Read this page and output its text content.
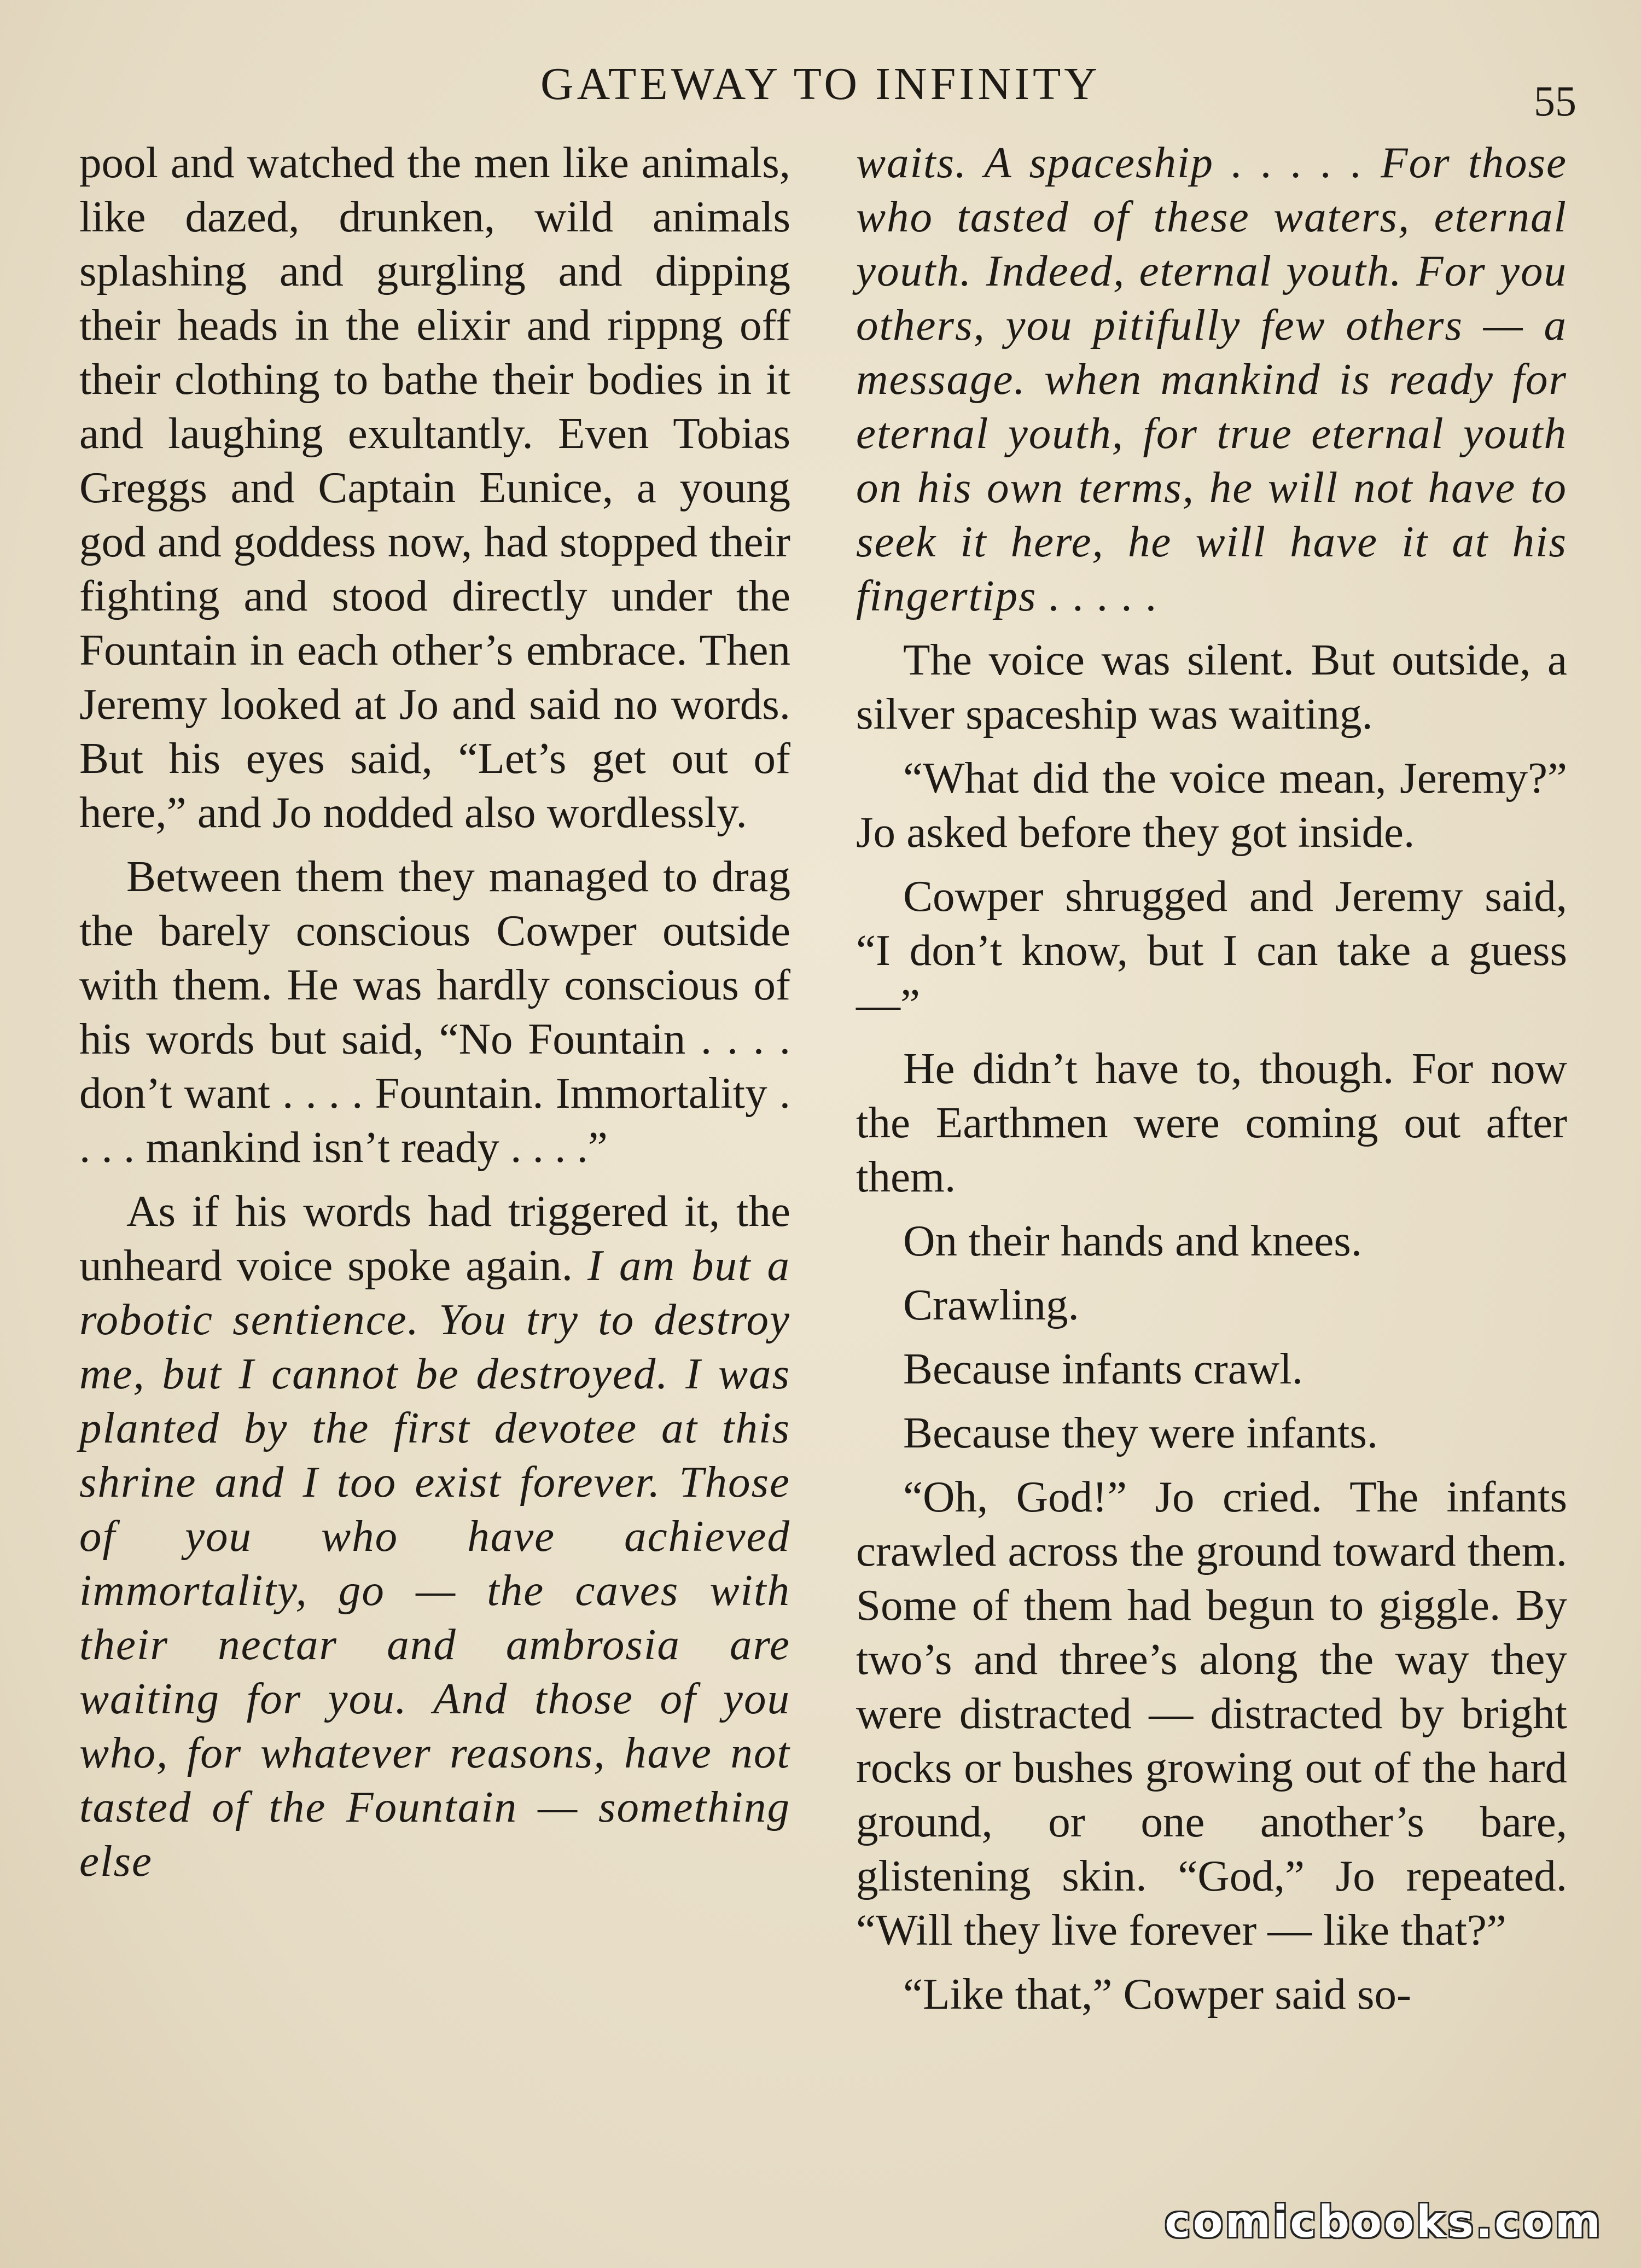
GATEWAY TO INFINITY	55

pool and watched the men like animals, like dazed, drunken, wild animals splashing and gurgling and dipping their heads in the elixir and rippng off their clothing to bathe their bodies in it and laughing exultantly. Even Tobias Greggs and Captain Eunice, a young god and goddess now, had stopped their fighting and stood directly under the Fountain in each other’s embrace. Then Jeremy looked at Jo and said no words. But his eyes said, “Let’s get out of here,” and Jo nodded also wordlessly.

Between them they managed to drag the barely conscious Cowper outside with them. He was hardly conscious of his words but said, “No Fountain . . . . don’t want . . . . Fountain. Immortality . . . . mankind isn’t ready . . . .”

As if his words had triggered it, the unheard voice spoke again. I am but a robotic sentience. You try to destroy me, but I cannot be destroyed. I was planted by the first devotee at this shrine and I too exist forever. Those of you who have achieved immortality, go — the caves with their nectar and ambrosia are waiting for you. And those of you who, for whatever reasons, have not tasted of the Fountain — something else

waits. A spaceship . . . . . For those who tasted of these waters, eternal youth. Indeed, eternal youth. For you others, you pitifully few others — a message. when mankind is ready for eternal youth, for true eternal youth on his own terms, he will not have to seek it here, he will have it at his fingertips . . . . .

The voice was silent. But outside, a silver spaceship was waiting.

“What did the voice mean, Jeremy?” Jo asked before they got inside.

Cowper shrugged and Jeremy said, “I don’t know, but I can take a guess —”

He didn’t have to, though. For now the Earthmen were coming out after them.

On their hands and knees.

Crawling.

Because infants crawl.

Because they were infants.

“Oh, God!” Jo cried. The infants crawled across the ground toward them. Some of them had begun to giggle. By two’s and three’s along the way they were distracted — distracted by bright rocks or bushes growing out of the hard ground, or one another’s bare, glistening skin. “God,” Jo repeated. “Will they live forever — like that?”

“Like that,” Cowper said so-

comicbooks.com
